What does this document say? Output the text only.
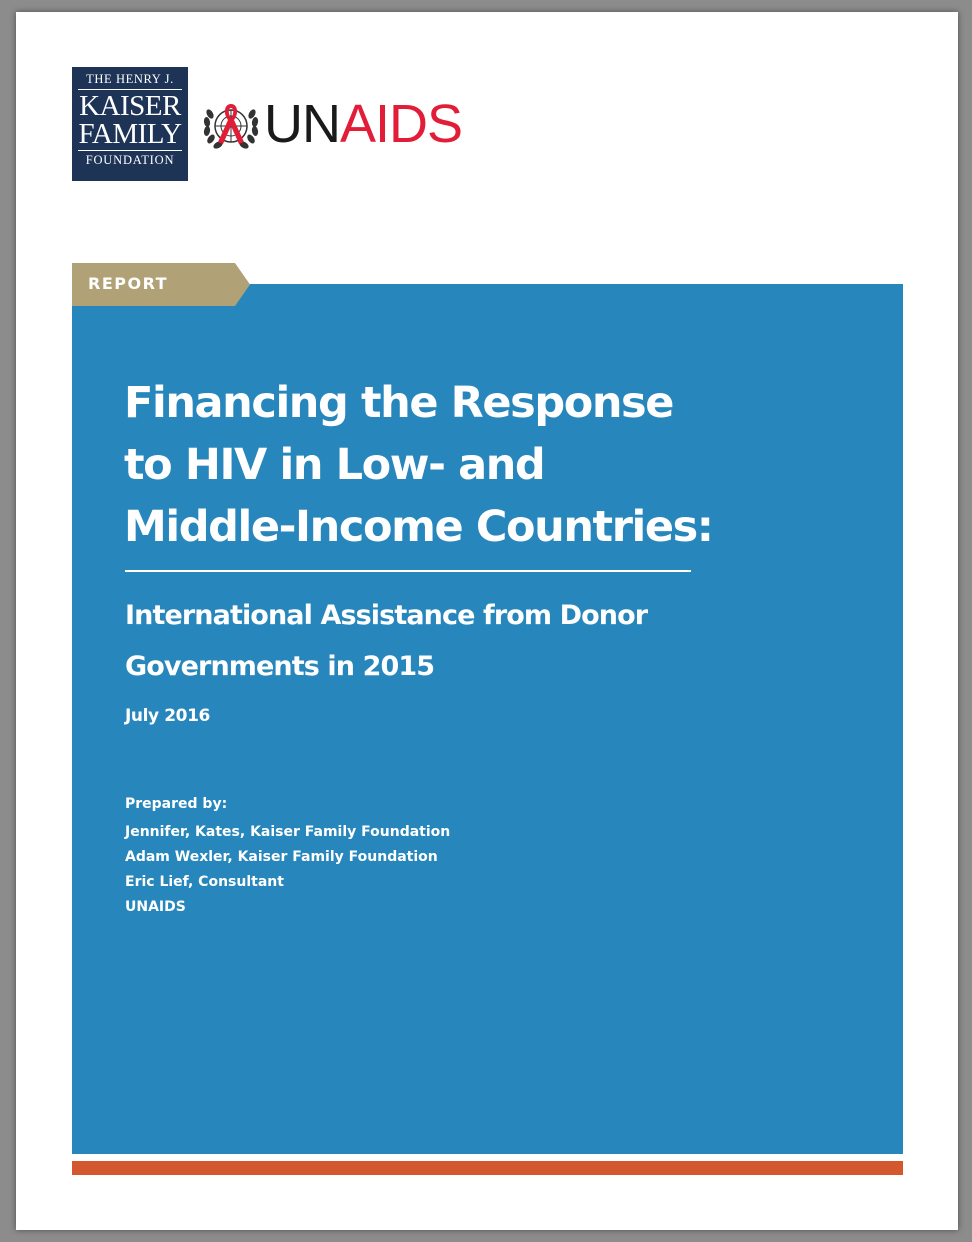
THE HENRY J.
KAISER
FAMILY
FOUNDATION
UNAIDS
REPORT
Financing the Response to HIV in Low- and Middle-Income Countries:
International Assistance from Donor Governments in 2015
July 2016
Prepared by:
Jennifer, Kates, Kaiser Family Foundation
Adam Wexler, Kaiser Family Foundation
Eric Lief, Consultant
UNAIDS
